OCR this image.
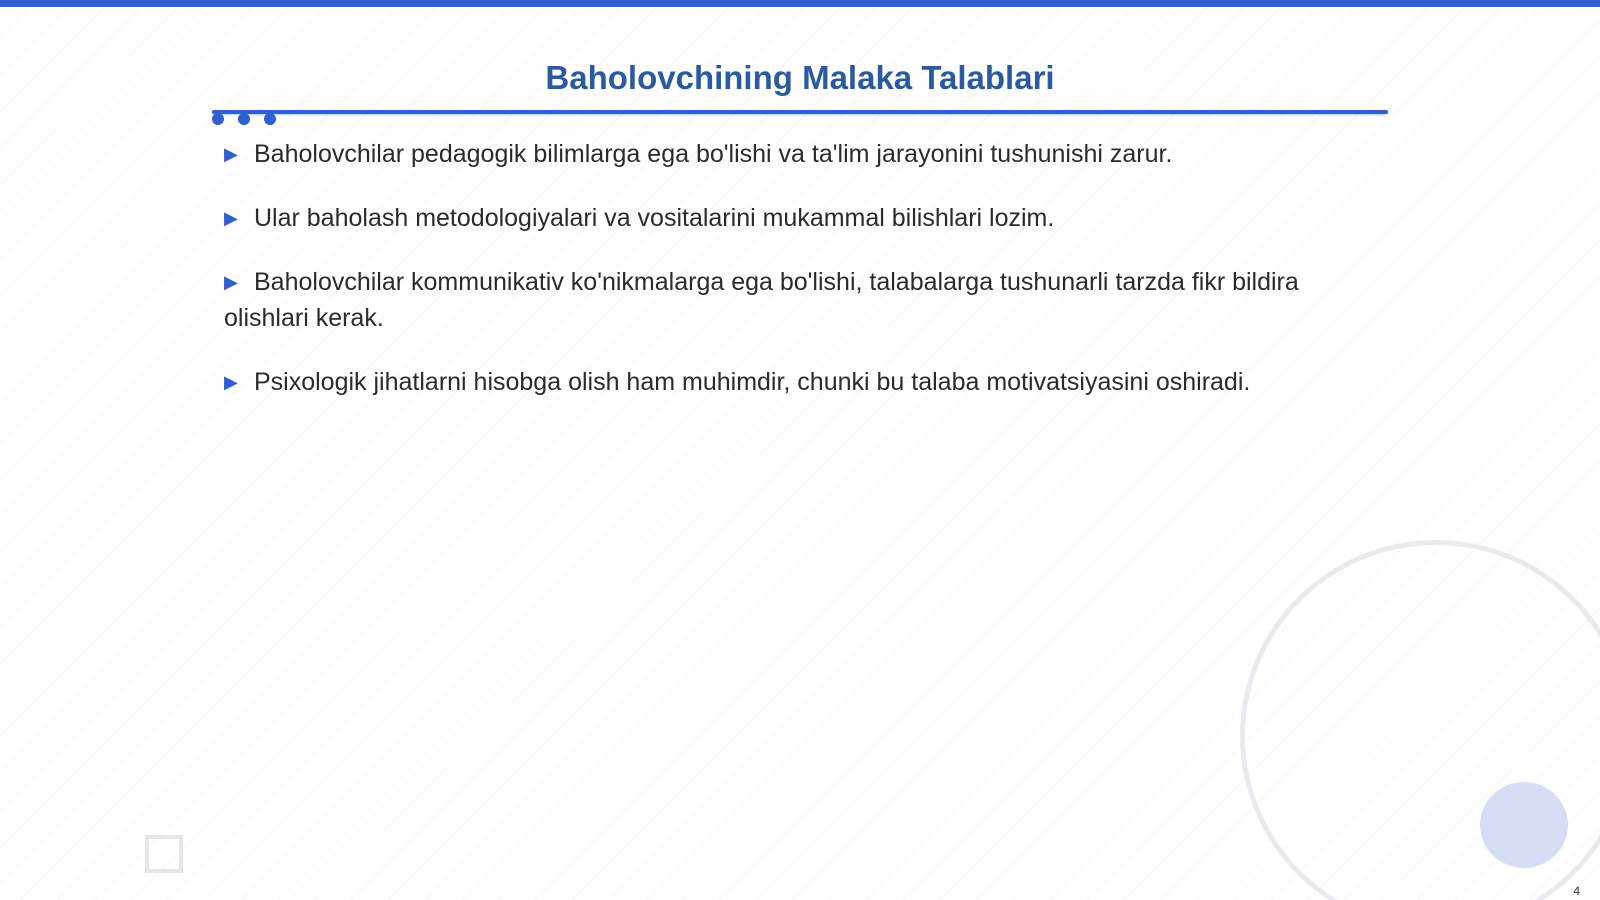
Baholovchining Malaka Talablari
▶ Baholovchilar pedagogik bilimlarga ega bo'lishi va ta'lim jarayonini tushunishi zarur.
▶ Ular baholash metodologiyalari va vositalarini mukammal bilishlari lozim.
▶ Baholovchilar kommunikativ ko'nikmalarga ega bo'lishi, talabalarga tushunarli tarzda fikr bildira olishlari kerak.
▶ Psixologik jihatlarni hisobga olish ham muhimdir, chunki bu talaba motivatsiyasini oshiradi.
4
